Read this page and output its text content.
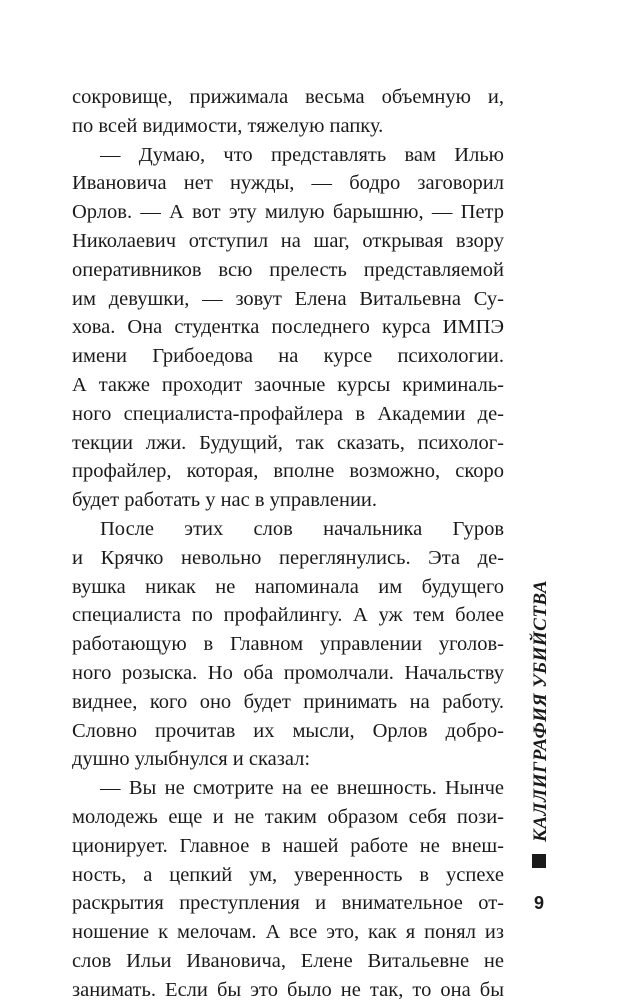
сокровище, прижимала весьма объемную и,
по всей видимости, тяжелую папку.
— Думаю, что представлять вам Илью
Ивановича нет нужды, — бодро заговорил
Орлов. — А вот эту милую барышню, — Петр
Николаевич отступил на шаг, открывая взору
оперативников всю прелесть представляемой
им девушки, — зовут Елена Витальевна Су-
хова. Она студентка последнего курса ИМПЭ
имени Грибоедова на курсе психологии.
А также проходит заочные курсы криминаль-
ного специалиста-профайлера в Академии де-
текции лжи. Будущий, так сказать, психолог-
профайлер, которая, вполне возможно, скоро
будет работать у нас в управлении.
После этих слов начальника Гуров
и Крячко невольно переглянулись. Эта де-
вушка никак не напоминала им будущего
специалиста по профайлингу. А уж тем более
работающую в Главном управлении уголов-
ного розыска. Но оба промолчали. Начальству
виднее, кого оно будет принимать на работу.
Словно прочитав их мысли, Орлов добро-
душно улыбнулся и сказал:
— Вы не смотрите на ее внешность. Нынче
молодежь еще и не таким образом себя пози-
ционирует. Главное в нашей работе не внеш-
ность, а цепкий ум, уверенность в успехе
раскрытия преступления и внимательное от-
ношение к мелочам. А все это, как я понял из
слов Ильи Ивановича, Елене Витальевне не
занимать. Если бы это было не так, то она бы
КАЛЛИГРАФИЯ УБИЙСТВА
9
